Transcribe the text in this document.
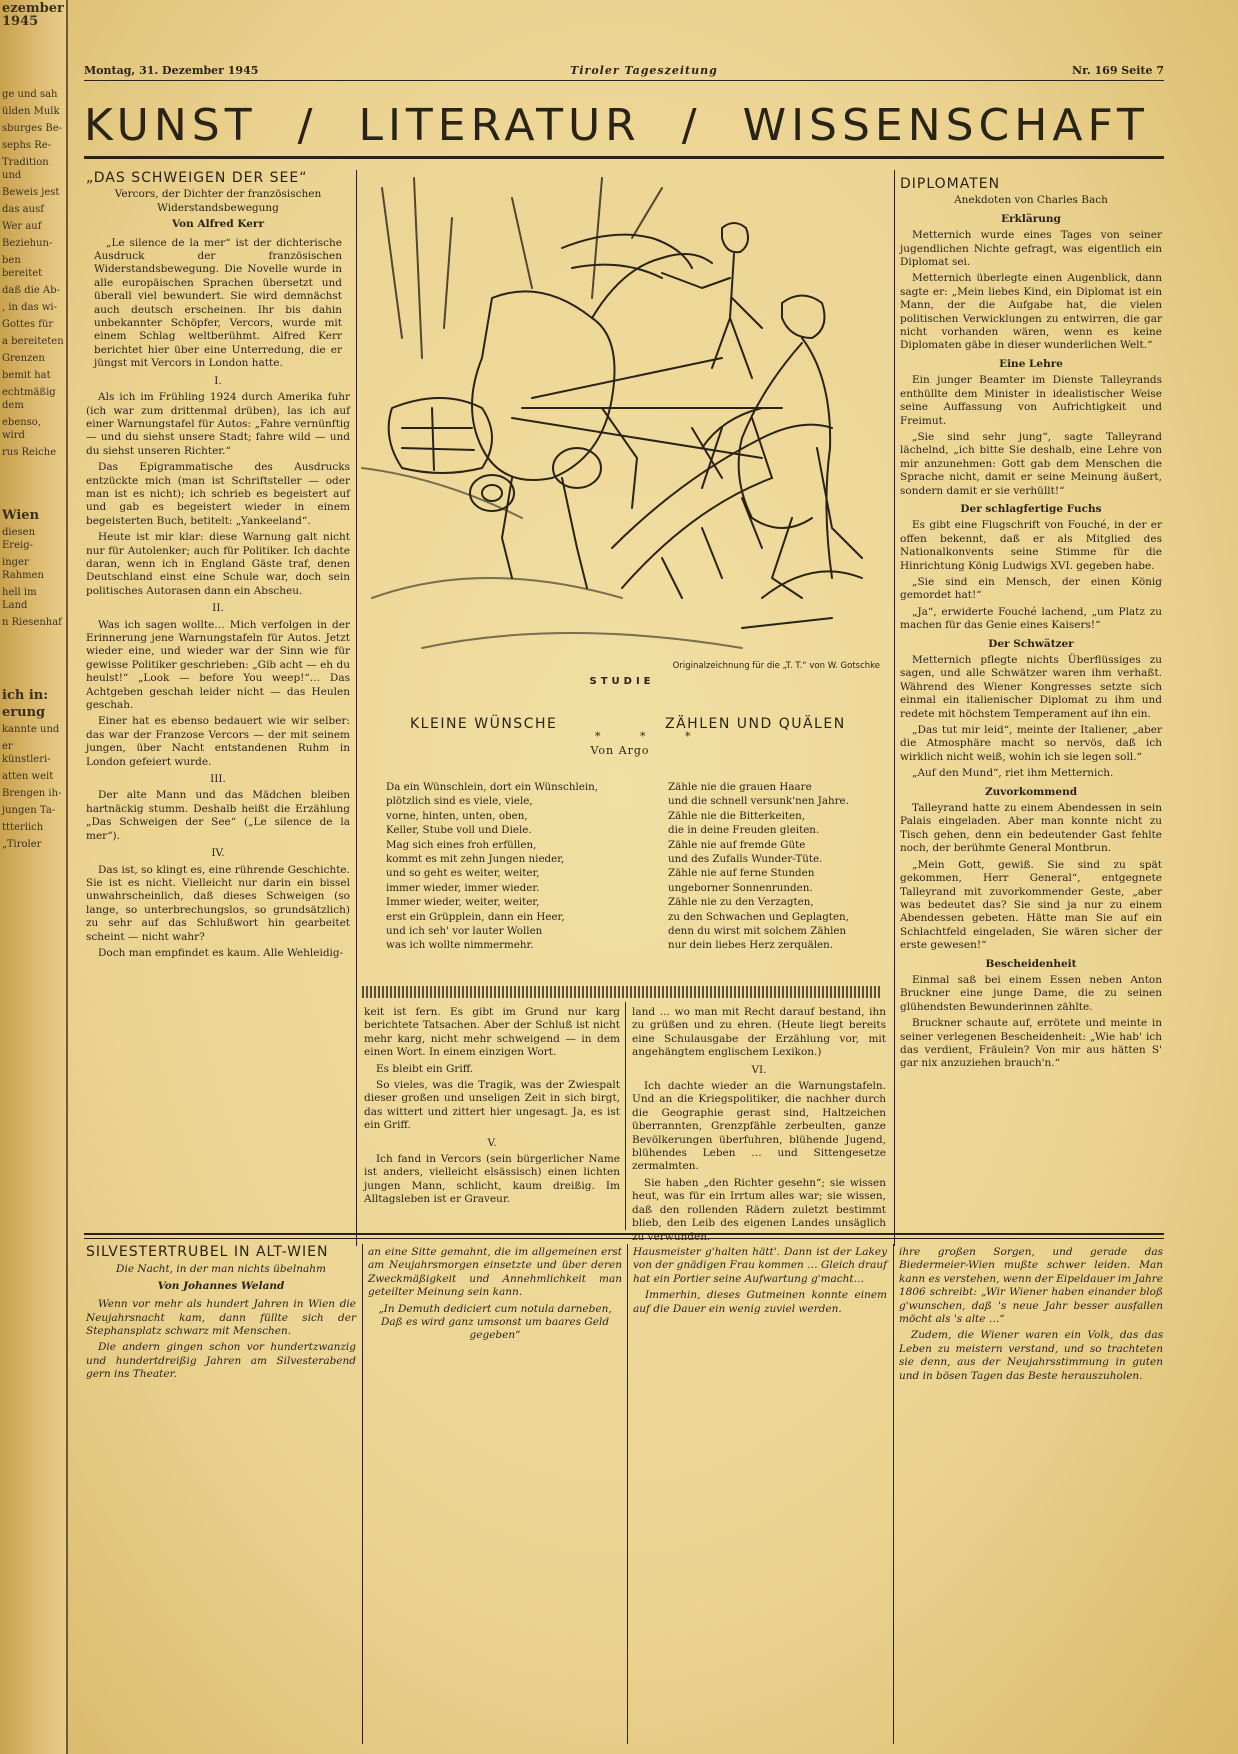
ezember 1945
ge und sah
ülden Mulk
sburges Be-
sephs Re-
Tradition und
Beweis jest
das ausf
Wer auf
Beziehun-
ben bereitet
daß die Ab-
, in das wi-
Gottes für
a bereiteten
Grenzen
bemit hat
echtmäßig dem
ebenso, wird
rus Reiche
Wien
diesen Ereig-
inger Rahmen
hell im Land
n Riesenhaf
ich in:
erung
kannte und
er künstleri-
atten weit
Brengen ih-
jungen Ta-
ttterlich
„Tiroler
Montag, 31. Dezember 1945	Tiroler Tageszeitung	Nr. 169 Seite 7
KUNST / LITERATUR / WISSENSCHAFT
„DAS SCHWEIGEN DER SEE“
Vercors, der Dichter der französischen Widerstandsbewegung
Von Alfred Kerr

„Le silence de la mer“ ist der dichterische Ausdruck der französischen Widerstandsbewegung. Die Novelle wurde in alle europäischen Sprachen übersetzt und überall viel bewundert. Sie wird demnächst auch deutsch erscheinen. Ihr bis dahin unbekannter Schöpfer, Vercors, wurde mit einem Schlag weltberühmt. Alfred Kerr berichtet hier über eine Unterredung, die er jüngst mit Vercors in London hatte.

I.

Als ich im Frühling 1924 durch Amerika fuhr (ich war zum drittenmal drüben), las ich auf einer Warnungstafel für Autos: „Fahre vernünftig — und du siehst unsere Stadt; fahre wild — und du siehst unseren Richter.“

Das Epigrammatische des Ausdrucks entzückte mich (man ist Schriftsteller — oder man ist es nicht); ich schrieb es begeistert auf und gab es begeistert wieder in einem begeisterten Buch, betitelt: „Yankeeland“.

Heute ist mir klar: diese Warnung galt nicht nur für Autolenker; auch für Politiker. Ich dachte daran, wenn ich in England Gäste traf, denen Deutschland einst eine Schule war, doch sein politisches Autorasen dann ein Abscheu.

II.

Was ich sagen wollte… Mich verfolgen in der Erinnerung jene Warnungstafeln für Autos. Jetzt wieder eine, und wieder war der Sinn wie für gewisse Politiker geschrieben: „Gib acht — eh du heulst!“ „Look — before You weep!“… Das Achtgeben geschah leider nicht — das Heulen geschah.

Einer hat es ebenso bedauert wie wir selber: das war der Franzose Vercors — der mit seinem jungen, über Nacht entstandenen Ruhm in London gefeiert wurde.

III.

Der alte Mann und das Mädchen bleiben hartnäckig stumm. Deshalb heißt die Erzählung „Das Schweigen der See“ („Le silence de la mer“).

IV.

Das ist, so klingt es, eine rührende Geschichte. Sie ist es nicht. Vielleicht nur darin ein bissel unwahrscheinlich, daß dieses Schweigen (so lange, so unterbrechungslos, so grundsätzlich) zu sehr auf das Schlußwort hin gearbeitet scheint — nicht wahr?

Doch man empfindet es kaum. Alle Wehleidig-

Originalzeichnung für die „T. T.“ von W. Gotschke
STUDIE
KLEINE WÜNSCHE	ZÄHLEN UND QUÄLEN
* * *
Von Argo
Da ein Wünschlein, dort ein Wünschlein,
plötzlich sind es viele, viele,
vorne, hinten, unten, oben,
Keller, Stube voll und Diele.
Mag sich eines froh erfüllen,
kommt es mit zehn Jungen nieder,
und so geht es weiter, weiter,
immer wieder, immer wieder.
Immer wieder, weiter, weiter,
erst ein Grüpplein, dann ein Heer,
und ich seh' vor lauter Wollen
was ich wollte nimmermehr.
Zähle nie die grauen Haare
und die schnell versunk'nen Jahre.
Zähle nie die Bitterkeiten,
die in deine Freuden gleiten.
Zähle nie auf fremde Güte
und des Zufalls Wunder-Tüte.
Zähle nie auf ferne Stunden
ungeborner Sonnenrunden.
Zähle nie zu den Verzagten,
zu den Schwachen und Geplagten,
denn du wirst mit solchem Zählen
nur dein liebes Herz zerquälen.

keit ist fern. Es gibt im Grund nur karg berichtete Tatsachen. Aber der Schluß ist nicht mehr karg, nicht mehr schweigend — in dem einen Wort. In einem einzigen Wort.

Es bleibt ein Griff.

So vieles, was die Tragik, was der Zwiespalt dieser großen und unseligen Zeit in sich birgt, das wittert und zittert hier ungesagt. Ja, es ist ein Griff.

V.

Ich fand in Vercors (sein bürgerlicher Name ist anders, vielleicht elsässisch) einen lichten jungen Mann, schlicht, kaum dreißig. Im Alltagsleben ist er Graveur.

land … wo man mit Recht darauf bestand, ihn zu grüßen und zu ehren. (Heute liegt bereits eine Schulausgabe der Erzählung vor, mit angehängtem englischem Lexikon.)

VI.

Ich dachte wieder an die Warnungstafeln. Und an die Kriegspolitiker, die nachher durch die Geographie gerast sind, Haltzeichen überrannten, Grenzpfähle zerbeulten, ganze Bevölkerungen überfuhren, blühende Jugend, blühendes Leben … und Sittengesetze zermalmten.

Sie haben „den Richter gesehn“; sie wissen heut, was für ein Irrtum alles war; sie wissen, daß den rollenden Rädern zuletzt bestimmt blieb, den Leib des eigenen Landes unsäglich zu verwunden.

DIPLOMATEN
Anekdoten von Charles Bach
Erklärung

Metternich wurde eines Tages von seiner jugendlichen Nichte gefragt, was eigentlich ein Diplomat sei.

Metternich überlegte einen Augenblick, dann sagte er: „Mein liebes Kind, ein Diplomat ist ein Mann, der die Aufgabe hat, die vielen politischen Verwicklungen zu entwirren, die gar nicht vorhanden wären, wenn es keine Diplomaten gäbe in dieser wunderlichen Welt.“

Eine Lehre

Ein junger Beamter im Dienste Talleyrands enthüllte dem Minister in idealistischer Weise seine Auffassung von Aufrichtigkeit und Freimut.

„Sie sind sehr jung“, sagte Talleyrand lächelnd, „ich bitte Sie deshalb, eine Lehre von mir anzunehmen: Gott gab dem Menschen die Sprache nicht, damit er seine Meinung äußert, sondern damit er sie verhüllt!“

Der schlagfertige Fuchs

Es gibt eine Flugschrift von Fouché, in der er offen bekennt, daß er als Mitglied des Nationalkonvents seine Stimme für die Hinrichtung König Ludwigs XVI. gegeben habe.

„Sie sind ein Mensch, der einen König gemordet hat!“

„Ja“, erwiderte Fouché lachend, „um Platz zu machen für das Genie eines Kaisers!“

Der Schwätzer

Metternich pflegte nichts Überflüssiges zu sagen, und alle Schwätzer waren ihm verhaßt. Während des Wiener Kongresses setzte sich einmal ein italienischer Diplomat zu ihm und redete mit höchstem Temperament auf ihn ein.

„Das tut mir leid“, meinte der Italiener, „aber die Atmosphäre macht so nervös, daß ich wirklich nicht weiß, wohin ich sie legen soll.“

„Auf den Mund“, riet ihm Metternich.

Zuvorkommend

Talleyrand hatte zu einem Abendessen in sein Palais eingeladen. Aber man konnte nicht zu Tisch gehen, denn ein bedeutender Gast fehlte noch, der berühmte General Montbrun.

„Mein Gott, gewiß. Sie sind zu spät gekommen, Herr General“, entgegnete Talleyrand mit zuvorkommender Geste, „aber was bedeutet das? Sie sind ja nur zu einem Abendessen gebeten. Hätte man Sie auf ein Schlachtfeld eingeladen, Sie wären sicher der erste gewesen!“

Bescheidenheit

Einmal saß bei einem Essen neben Anton Bruckner eine junge Dame, die zu seinen glühendsten Bewunderinnen zählte.

Bruckner schaute auf, errötete und meinte in seiner verlegenen Bescheidenheit: „Wie hab' ich das verdient, Fräulein? Von mir aus hätten S' gar nix anzuziehen brauch'n.“

SILVESTERTRUBEL IN ALT-WIEN
Die Nacht, in der man nichts übelnahm
Von Johannes Weland

Wenn vor mehr als hundert Jahren in Wien die Neujahrsnacht kam, dann füllte sich der Stephansplatz schwarz mit Menschen.

Die andern gingen schon vor hundertzwanzig und hundertdreißig Jahren am Silvesterabend gern ins Theater.

an eine Sitte gemahnt, die im allgemeinen erst am Neujahrsmorgen einsetzte und über deren Zweckmäßigkeit und Annehmlichkeit man geteilter Meinung sein kann.

„In Demuth dediciert cum notula darneben, Daß es wird ganz umsonst um baares Geld gegeben“

Hausmeister g'halten hätt'. Dann ist der Lakey von der gnädigen Frau kommen … Gleich drauf hat ein Portier seine Aufwartung g'macht…

Immerhin, dieses Gutmeinen konnte einem auf die Dauer ein wenig zuviel werden.

ihre großen Sorgen, und gerade das Biedermeier-Wien mußte schwer leiden. Man kann es verstehen, wenn der Eipeldauer im Jahre 1806 schreibt: „Wir Wiener haben einander bloß g'wunschen, daß 's neue Jahr besser ausfallen möcht als 's alte …“

Zudem, die Wiener waren ein Volk, das das Leben zu meistern verstand, und so trachteten sie denn, aus der Neujahrsstimmung in guten und in bösen Tagen das Beste herauszuholen.
